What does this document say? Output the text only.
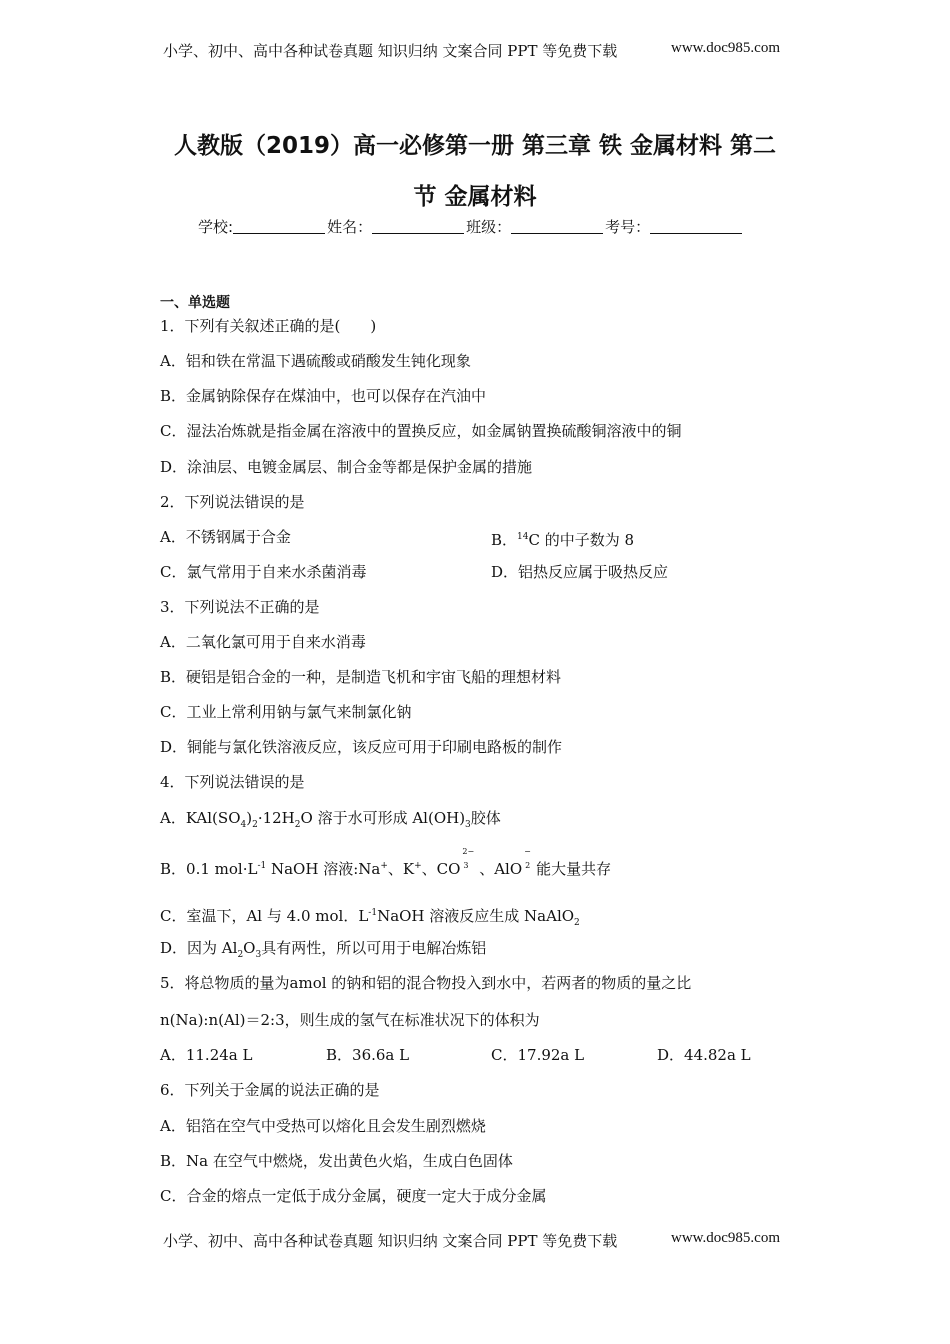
小学、初中、高中各种试卷真题 知识归纳 文案合同 PPT 等免费下载	www.doc985.com
人教版（2019）高一必修第一册 第三章 铁 金属材料 第二
节 金属材料
学校:	姓名：	班级：	考号：
一、单选题
1．下列有关叙述正确的是(　　)
A．铝和铁在常温下遇硫酸或硝酸发生钝化现象
B．金属钠除保存在煤油中，也可以保存在汽油中
C．湿法冶炼就是指金属在溶液中的置换反应，如金属钠置换硫酸铜溶液中的铜
D．涂油层、电镀金属层、制合金等都是保护金属的措施
2．下列说法错误的是
A．不锈钢属于合金	B．$^{14}$C 的中子数为 8
C．氯气常用于自来水杀菌消毒	D．铝热反应属于吸热反应
3．下列说法不正确的是
A．二氧化氯可用于自来水消毒
B．硬铝是铝合金的一种，是制造飞机和宇宙飞船的理想材料
C．工业上常利用钠与氯气来制氯化钠
D．铜能与氯化铁溶液反应，该反应可用于印刷电路板的制作
4．下列说法错误的是
A．$KAl(SO_4)_2\cdot 12H_2O$ 溶于水可形成 $Al(OH)_3$胶体
B．0.1 $mol\cdot L^{-1}$ NaOH 溶液:Na+、K+、CO
2−
3 、AlO
−
2 能大量共存
C．室温下，Al 与 4.0 mol．$L^{-1}NaOH$ 溶液反应生成 NaAlO$_2$
D．因为 $Al_2O_3$具有两性，所以可用于电解冶炼铝
5．将总物质的量为amol 的钠和铝的混合物投入到水中，若两者的物质的量之比
n(Na):n(Al)＝2:3，则生成的氢气在标准状况下的体积为
A．11.24a L	B．36.6a L	C．17.92a L	D．44.82a L
6．下列关于金属的说法正确的是
A．铝箔在空气中受热可以熔化且会发生剧烈燃烧
B．Na 在空气中燃烧，发出黄色火焰，生成白色固体
C．合金的熔点一定低于成分金属，硬度一定大于成分金属
小学、初中、高中各种试卷真题 知识归纳 文案合同 PPT 等免费下载	www.doc985.com
